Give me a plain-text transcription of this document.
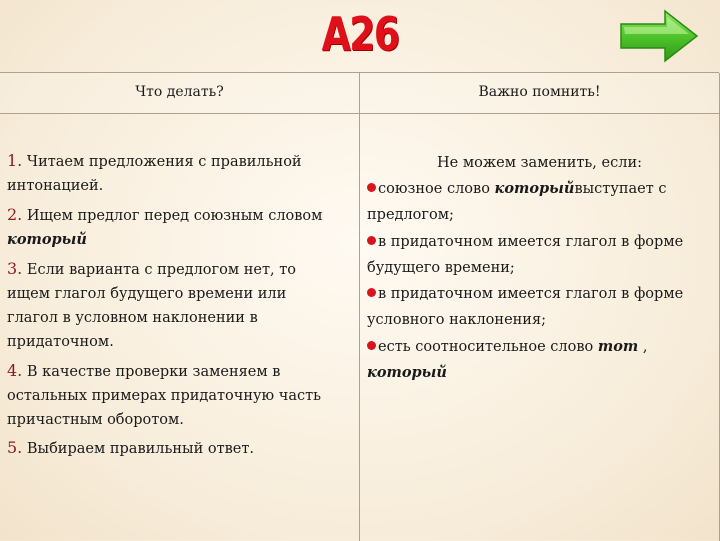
А26
Что делать?	Важно помнить!
1. Читаем предложения с правильной
интонацией.
2. Ищем предлог перед союзным словом
который
3. Если варианта с предлогом нет, то
ищем глагол будущего времени или
глагол в условном наклонении в
придаточном.
4. В качестве проверки заменяем в
остальных примерах придаточную часть
причастным оборотом.
5. Выбираем правильный ответ.
Не можем заменить, если:
союзное слово которыйвыступает с
предлогом;
в придаточном имеется глагол в форме
будущего времени;
в придаточном имеется глагол в форме
условного наклонения;
есть соотносительное слово тот ,
который
